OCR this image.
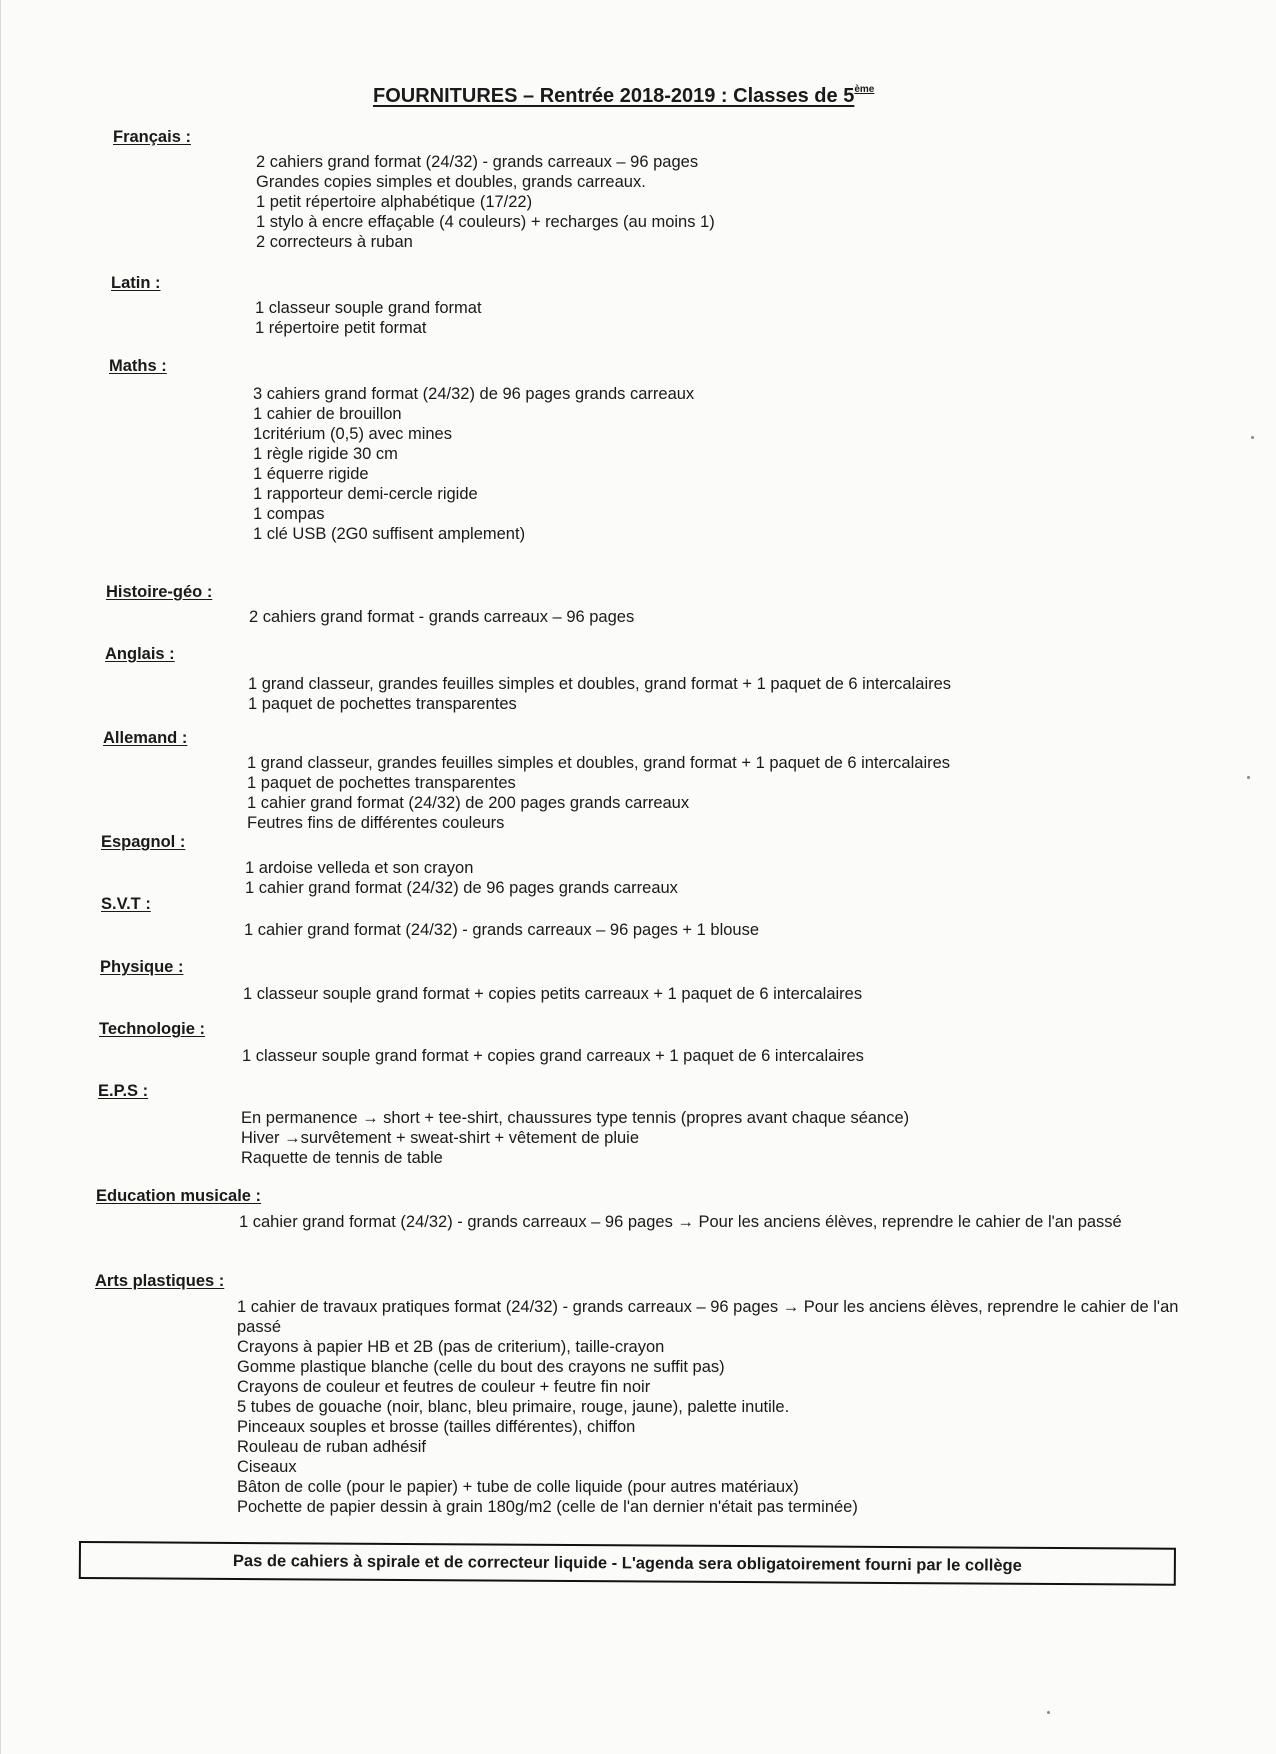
FOURNITURES – Rentrée 2018-2019 : Classes de 5ème
Français :
2 cahiers grand format (24/32) - grands carreaux – 96 pages
Grandes copies simples et doubles, grands carreaux.
1 petit répertoire alphabétique (17/22)
1 stylo à encre effaçable (4 couleurs) + recharges (au moins 1)
2 correcteurs à ruban
Latin :
1 classeur souple grand format
1 répertoire petit format
Maths :
3 cahiers grand format (24/32) de 96 pages grands carreaux
1 cahier de brouillon
1critérium (0,5) avec mines
1 règle rigide 30 cm
1 équerre rigide
1 rapporteur demi-cercle rigide
1 compas
1 clé USB (2G0 suffisent amplement)
Histoire-géo :
2 cahiers grand format - grands carreaux – 96 pages
Anglais :
1 grand classeur, grandes feuilles simples et doubles, grand format + 1 paquet de 6 intercalaires
1 paquet de pochettes transparentes
Allemand :
1 grand classeur, grandes feuilles simples et doubles, grand format + 1 paquet de 6 intercalaires
1 paquet de pochettes transparentes
1 cahier grand format (24/32) de 200 pages grands carreaux
Feutres fins de différentes couleurs
Espagnol :
1 ardoise velleda et son crayon
1 cahier grand format (24/32) de 96 pages grands carreaux
S.V.T :
1 cahier grand format (24/32) - grands carreaux – 96 pages + 1 blouse
Physique :
1 classeur souple grand format + copies petits carreaux + 1 paquet de 6 intercalaires
Technologie :
1 classeur souple grand format + copies grand carreaux + 1 paquet de 6 intercalaires
E.P.S :
En permanence → short + tee-shirt, chaussures type tennis (propres avant chaque séance)
Hiver →survêtement + sweat-shirt + vêtement de pluie
Raquette de tennis de table
Education musicale :
1 cahier grand format (24/32) - grands carreaux – 96 pages → Pour les anciens élèves, reprendre le cahier de l'an passé
Arts plastiques :
1 cahier de travaux pratiques format (24/32) - grands carreaux – 96 pages → Pour les anciens élèves, reprendre le cahier de l'an passé
Crayons à papier HB et 2B (pas de criterium), taille-crayon
Gomme plastique blanche (celle du bout des crayons ne suffit pas)
Crayons de couleur et feutres de couleur + feutre fin noir
5 tubes de gouache (noir, blanc, bleu primaire, rouge, jaune), palette inutile.
Pinceaux souples et brosse (tailles différentes), chiffon
Rouleau de ruban adhésif
Ciseaux
Bâton de colle (pour le papier) + tube de colle liquide (pour autres matériaux)
Pochette de papier dessin à grain 180g/m2 (celle de l'an dernier n'était pas terminée)
Pas de cahiers à spirale et de correcteur liquide - L'agenda sera obligatoirement fourni par le collège
